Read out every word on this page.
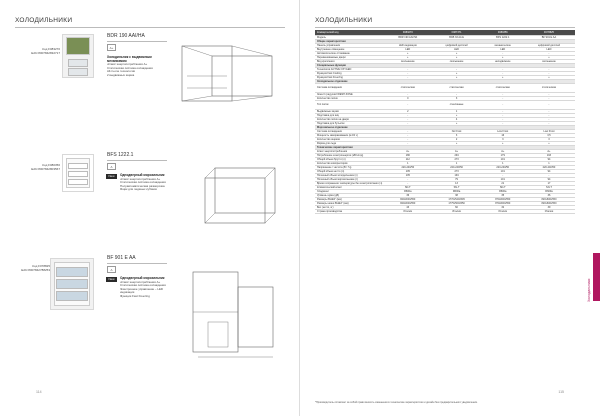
ХОЛОДИЛЬНИКИ
Код F083270
EAN 8007842832717
BDR 190 AAI/HA
A+
Холодильник с выдвижным механизмом
•Класс энергопотребления A+
Статическая система охлаждения
All-in-one технология
2 выдвижных ящика
Код F080356
EAN 8007842803567
BFS 1222.1
A
New	Однодверный морозильник
•Класс энергопотребления A+
Статическая система охлаждения
Полуавтоматическая разморозка
Ящик для ледяных кубиков
Код F078825
EAN 8007842788253
BF 901 E AA
A
New	Однодверный морозильник
•Класс энергопотребления A+
Статическая система охлаждения
Электронное управление – LED индикация
Функция Fast Freezing
114
ХОЛОДИЛЬНИКИ
Коммерческий код	F083270	F087371	F080356	F078825
Модель	BDR 190 AAI/HA	BCB 33 AA E	BFS 1222.1	BF 901 E AA
Общие характеристики				
Панель управления	LED индикация	цифровой дисплей	механическое	цифровой дисплей
Внутреннее освещение	LED	LED	LED	LED
Автоматическое оттаивание	+	+	-	-
Перевешиваемые двери	+	+	+	+
Вид крепления	скольжение	скольжение	неподвижное	скольжение
Специальные функции				
Технология ACTIVE OXYGEN	-	-	-	-
Функция Fast Cooling	-	+	-	-
Функция Fast Freezing	-	+	+	+
Холодильное отделение				
Система охлаждения	статическая	статическая	статическая	статическая
Зона 0 градусов FRESH ZONE	-	-	-	-
Количество полок	0	3	-	-
Тип полок	-	стеклянные	-	-
Выдвижные ящики	2	1	-	-
Подставка для яиц	-	+	-	-
Количество полок на двери	-	4	-	-
Подставка для бутылок	-	+	-	-
Морозильное отделение				
Система охлаждения	-	No Frost	Low Frost	Low Frost
Мощность замораживания (кг/24 ч)	-	3	16	3,5
Количество ящиков	-	2	3	3
Форма для льда	-	+	+	+
Технические характеристики				
Класс энергопотребления	A+	A+	A+	A+
Потребление электроэнергии (кВтч/год)	180	294	179	193
Общий объем брутто (л)	112	273	101	94
Количество компрессоров	1	1	1	1
Напряжение / частота (В / Гц)	220-240/50	220-240/50	220-240/50	220-240/50
Общий объем нетто (л)	105	273	101	94
Полезный объем холодильника (л)	105	194	-	-
Полезный объем морозильника (л)	-	79	101	94
Время сохранения температуры без электропитания (ч)	-	13	21	17
Климатический класс	SN-T	SN-T	SN-T	SN-T
Хладагент	R600a	R600a	R600a	R600a
Уровень шума (дБ)	36	38	35	36
Размеры ВхШхГ (мм)	820x600x550	1770x540x545	870x600x550	820x600x550
Размеры ниши ВхШхГ (мм)	820x600x550	1775x560x550	870x600x550	820x600x550
Вес (нетто, кг)	43	60	32	39
Страна производства	Италия	Италия	Италия	Италия
*Производитель оставляет за собой право вносить изменения в технические характеристики и дизайн без предварительного уведомления.
115
Холодильники
